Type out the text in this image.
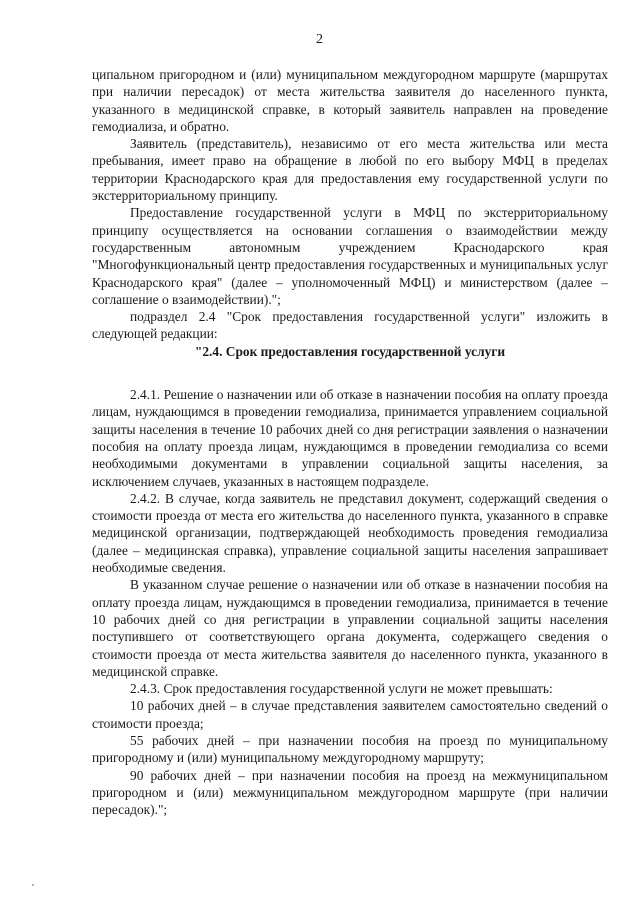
2

ципальном пригородном и (или) муниципальном междугородном маршруте (маршрутах при наличии пересадок) от места жительства заявителя до населенного пункта, указанного в медицинской справке, в который заявитель направлен на проведение гемодиализа, и обратно.

Заявитель (представитель), независимо от его места жительства или места пребывания, имеет право на обращение в любой по его выбору МФЦ в пределах территории Краснодарского края для предоставления ему государственной услуги по экстерриториальному принципу.

Предоставление государственной услуги в МФЦ по экстерриториальному принципу осуществляется на основании соглашения о взаимодействии между государственным автономным учреждением Краснодарского края "Многофункциональный центр предоставления государственных и муниципальных услуг Краснодарского края" (далее – уполномоченный МФЦ) и министерством (далее – соглашение о взаимодействии).";

подраздел 2.4 "Срок предоставления государственной услуги" изложить в следующей редакции:

"2.4. Срок предоставления государственной услуги

2.4.1. Решение о назначении или об отказе в назначении пособия на оплату проезда лицам, нуждающимся в проведении гемодиализа, принимается управлением социальной защиты населения в течение 10 рабочих дней со дня регистрации заявления о назначении пособия на оплату проезда лицам, нуждающимся в проведении гемодиализа со всеми необходимыми документами в управлении социальной защиты населения, за исключением случаев, указанных в настоящем подразделе.

2.4.2. В случае, когда заявитель не представил документ, содержащий сведения о стоимости проезда от места его жительства до населенного пункта, указанного в справке медицинской организации, подтверждающей необходимость проведения гемодиализа (далее – медицинская справка), управление социальной защиты населения запрашивает необходимые сведения.

В указанном случае решение о назначении или об отказе в назначении пособия на оплату проезда лицам, нуждающимся в проведении гемодиализа, принимается в течение 10 рабочих дней со дня регистрации в управлении социальной защиты населения поступившего от соответствующего органа документа, содержащего сведения о стоимости проезда от места жительства заявителя до населенного пункта, указанного в медицинской справке.

2.4.3. Срок предоставления государственной услуги не может превышать:

10 рабочих дней – в случае представления заявителем самостоятельно сведений о стоимости проезда;

55 рабочих дней – при назначении пособия на проезд по муниципальному пригородному и (или) муниципальному междугородному маршруту;

90 рабочих дней – при назначении пособия на проезд на межмуниципальном пригородном и (или) межмуниципальном междугородном маршруте (при наличии пересадок).";
